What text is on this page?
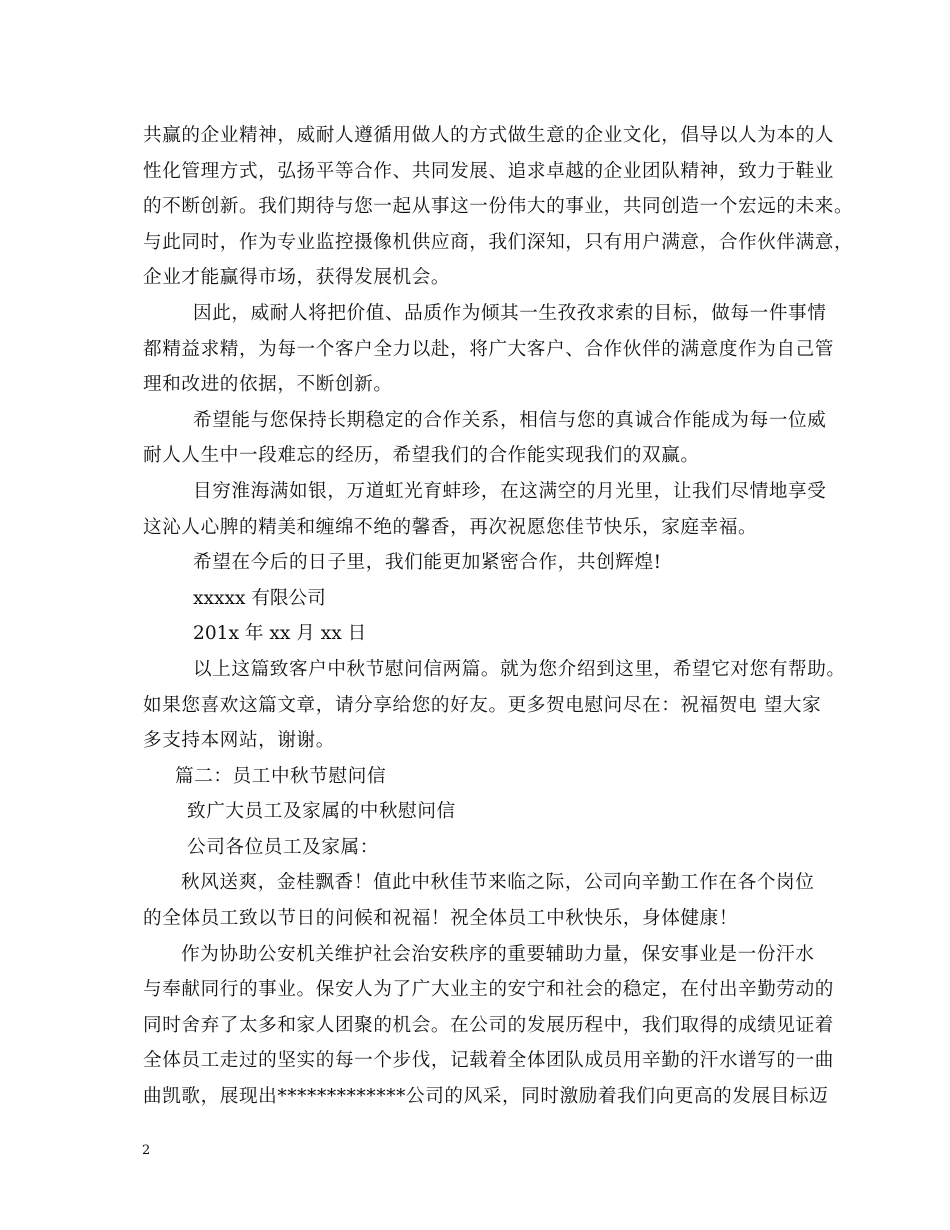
共赢的企业精神，威耐人遵循用做人的方式做生意的企业文化，倡导以人为本的人
性化管理方式，弘扬平等合作、共同发展、追求卓越的企业团队精神，致力于鞋业
的不断创新。我们期待与您一起从事这一份伟大的事业，共同创造一个宏远的未来。
与此同时，作为专业监控摄像机供应商，我们深知，只有用户满意，合作伙伴满意，
企业才能赢得市场，获得发展机会。
因此，威耐人将把价值、品质作为倾其一生孜孜求索的目标，做每一件事情
都精益求精，为每一个客户全力以赴，将广大客户、合作伙伴的满意度作为自己管
理和改进的依据，不断创新。
希望能与您保持长期稳定的合作关系，相信与您的真诚合作能成为每一位威
耐人人生中一段难忘的经历，希望我们的合作能实现我们的双赢。
目穷淮海满如银，万道虹光育蚌珍，在这满空的月光里，让我们尽情地享受
这沁人心脾的精美和缠绵不绝的馨香，再次祝愿您佳节快乐，家庭幸福。
希望在今后的日子里，我们能更加紧密合作，共创辉煌!
xxxxx 有限公司
201x 年 xx 月 xx 日
以上这篇致客户中秋节慰问信两篇。就为您介绍到这里，希望它对您有帮助。
如果您喜欢这篇文章，请分享给您的好友。更多贺电慰问尽在：祝福贺电 望大家
多支持本网站，谢谢。
篇二：员工中秋节慰问信
致广大员工及家属的中秋慰问信
公司各位员工及家属：
秋风送爽，金桂飘香！值此中秋佳节来临之际，公司向辛勤工作在各个岗位
的全体员工致以节日的问候和祝福！祝全体员工中秋快乐，身体健康！
作为协助公安机关维护社会治安秩序的重要辅助力量，保安事业是一份汗水
与奉献同行的事业。保安人为了广大业主的安宁和社会的稳定，在付出辛勤劳动的
同时舍弃了太多和家人团聚的机会。在公司的发展历程中，我们取得的成绩见证着
全体员工走过的坚实的每一个步伐，记载着全体团队成员用辛勤的汗水谱写的一曲
曲凯歌，展现出*************公司的风采，同时激励着我们向更高的发展目标迈
2
